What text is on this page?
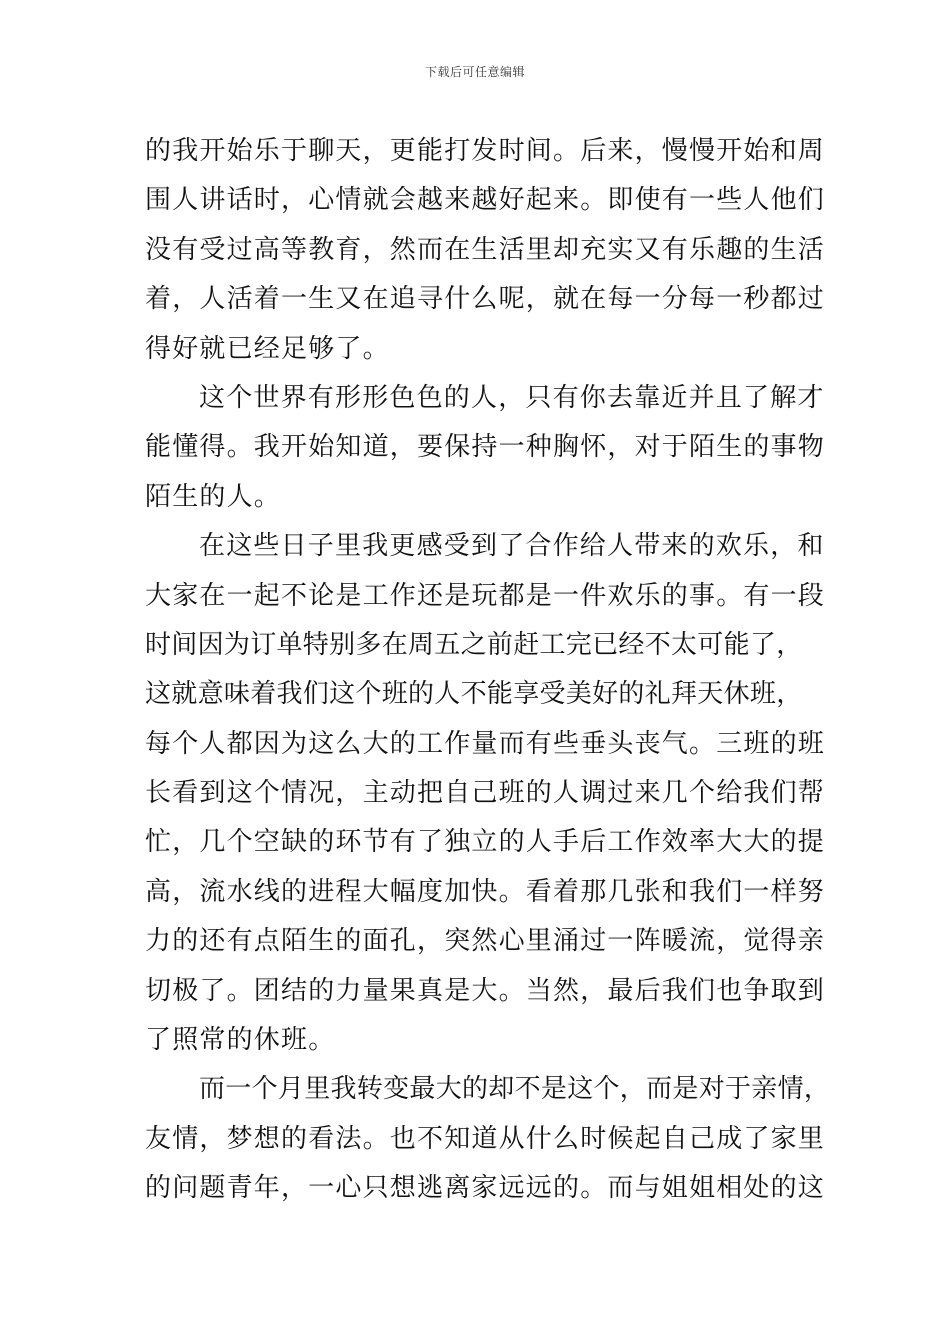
下载后可任意编辑
的我开始乐于聊天，更能打发时间。后来，慢慢开始和周
围人讲话时，心情就会越来越好起来。即使有一些人他们
没有受过高等教育，然而在生活里却充实又有乐趣的生活
着，人活着一生又在追寻什么呢，就在每一分每一秒都过
得好就已经足够了。
这个世界有形形色色的人，只有你去靠近并且了解才
能懂得。我开始知道，要保持一种胸怀，对于陌生的事物
陌生的人。
在这些日子里我更感受到了合作给人带来的欢乐，和
大家在一起不论是工作还是玩都是一件欢乐的事。有一段
时间因为订单特别多在周五之前赶工完已经不太可能了，
这就意味着我们这个班的人不能享受美好的礼拜天休班，
每个人都因为这么大的工作量而有些垂头丧气。三班的班
长看到这个情况，主动把自己班的人调过来几个给我们帮
忙，几个空缺的环节有了独立的人手后工作效率大大的提
高，流水线的进程大幅度加快。看着那几张和我们一样努
力的还有点陌生的面孔，突然心里涌过一阵暖流，觉得亲
切极了。团结的力量果真是大。当然，最后我们也争取到
了照常的休班。
而一个月里我转变最大的却不是这个，而是对于亲情，
友情，梦想的看法。也不知道从什么时候起自己成了家里
的问题青年，一心只想逃离家远远的。而与姐姐相处的这
